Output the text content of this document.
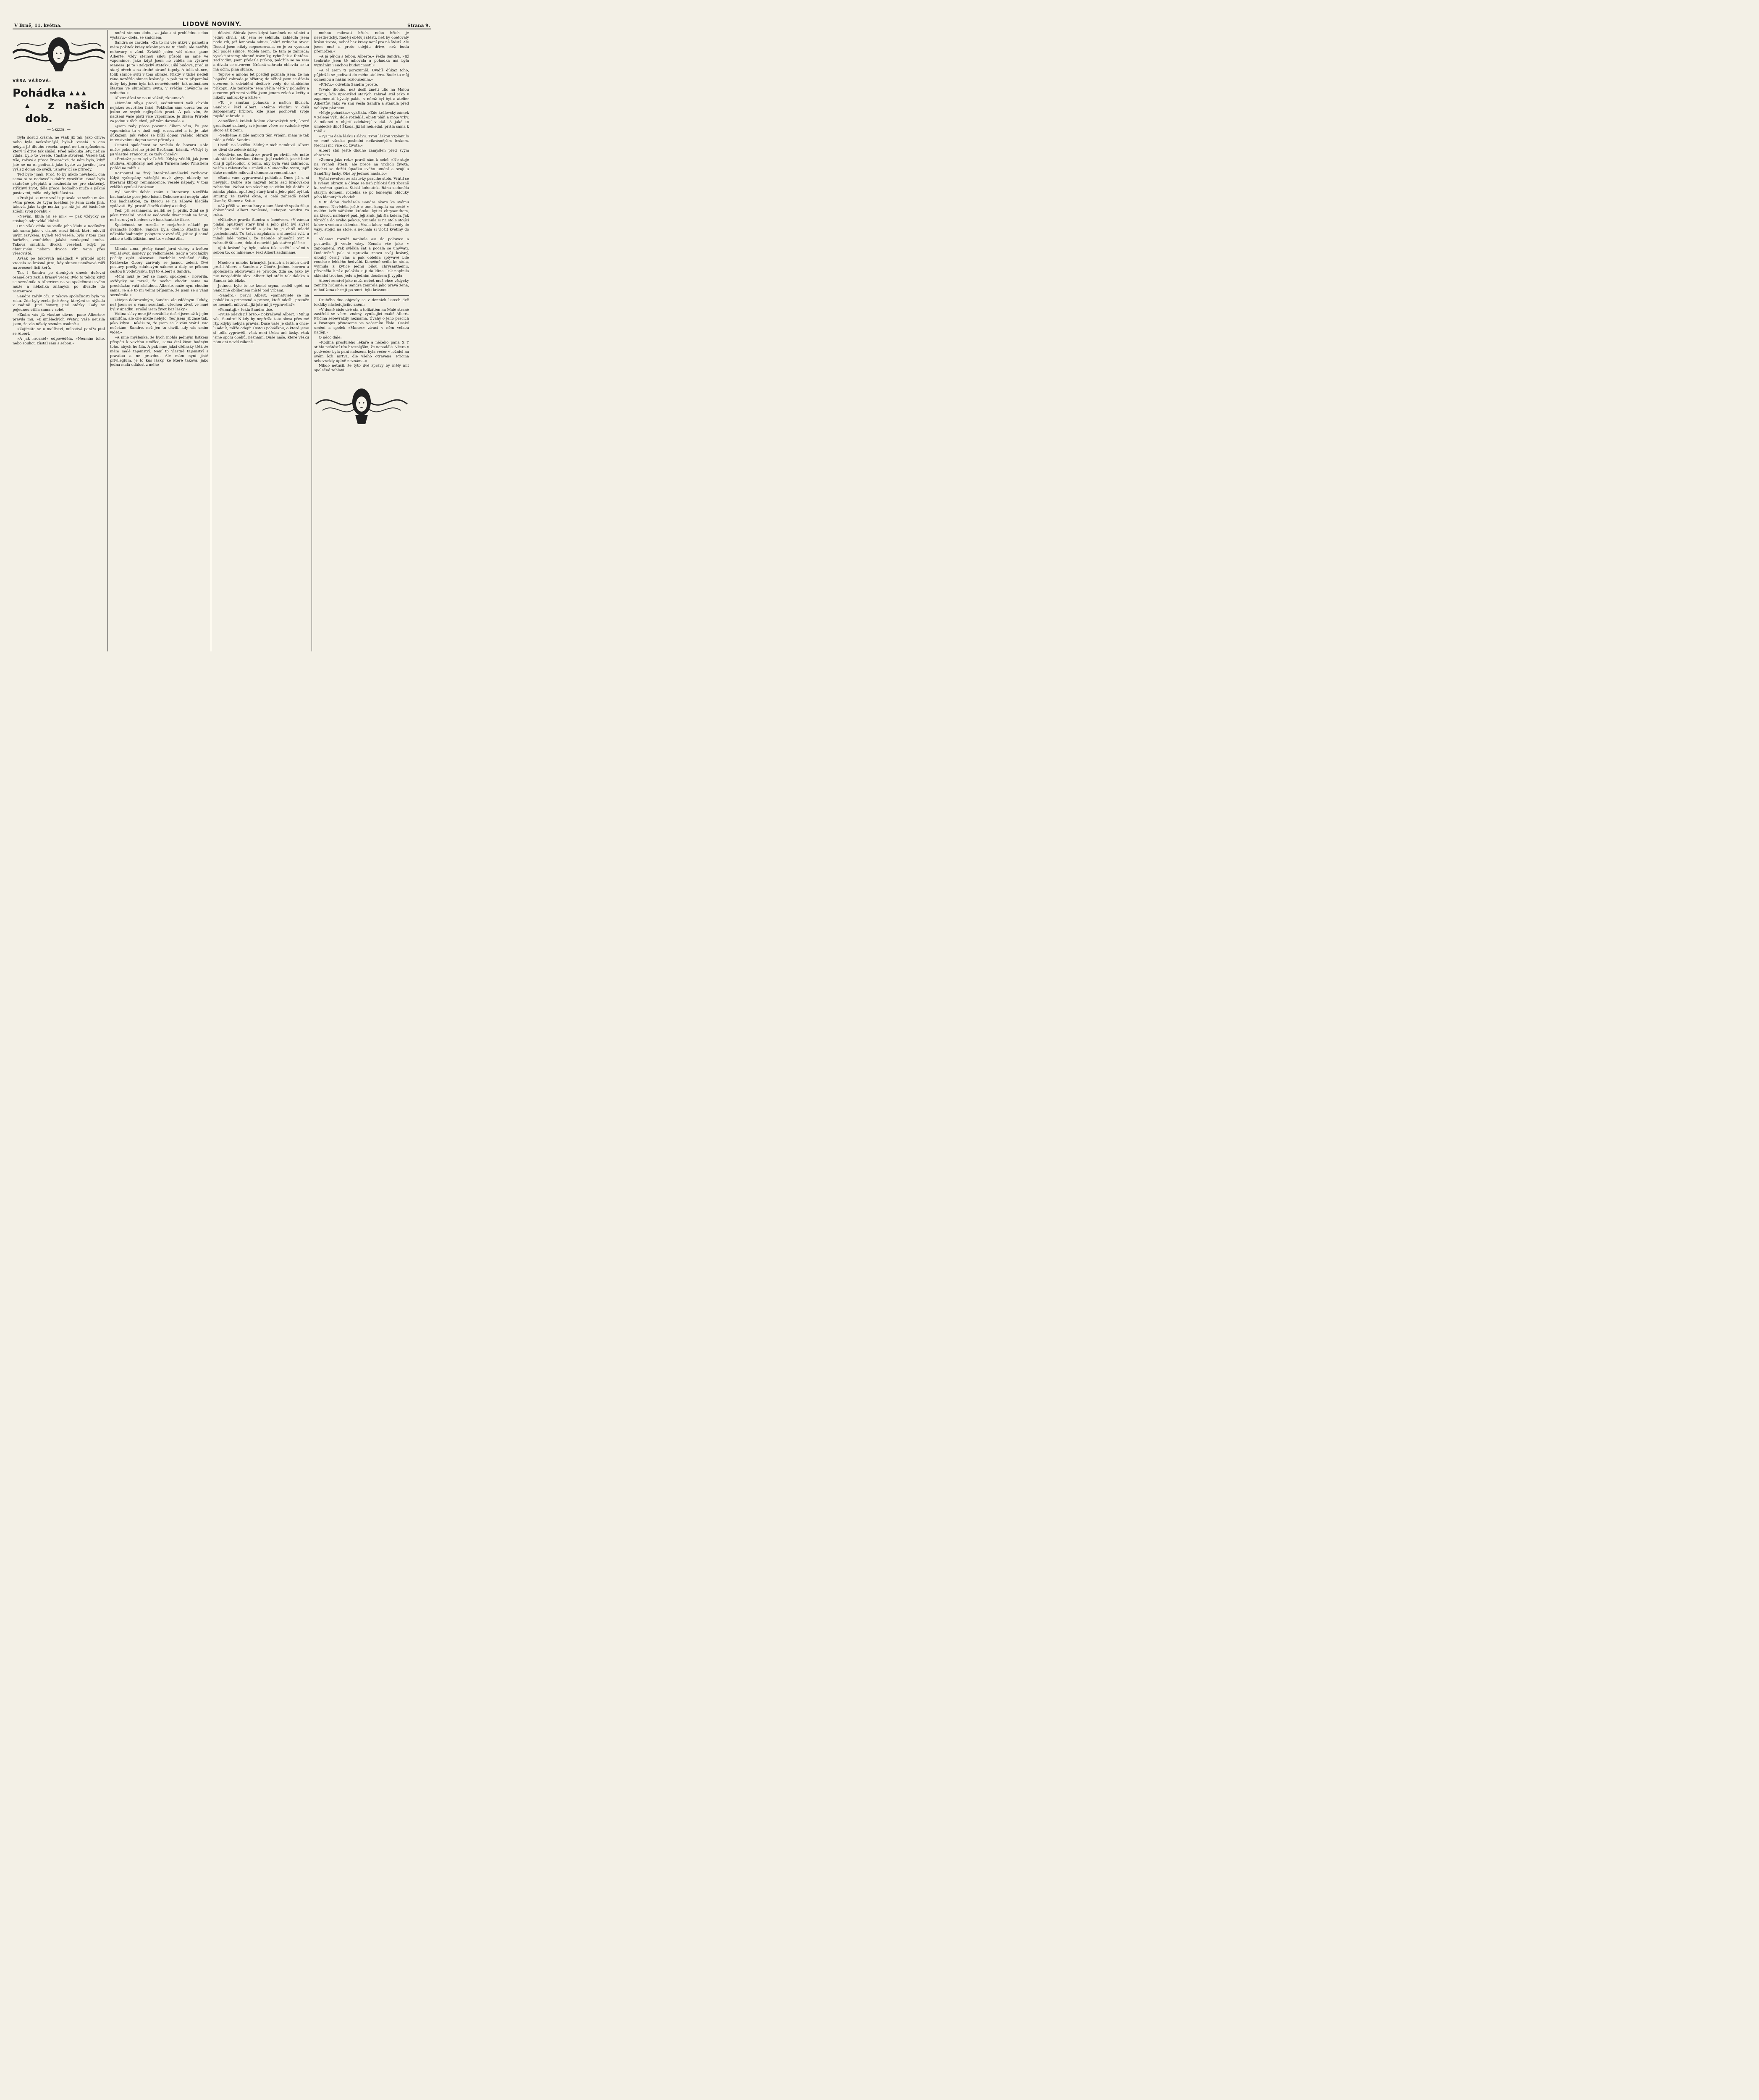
V Brně, 11. května.	LIDOVÉ NOVINY.	Strana 9.
VĚRA VÁŠOVÁ:
Pohádka ▲ ▲ ▲
▲ z našich dob.
— Skizza. —

Byla dosud krásná, ne však již tak, jako dříve; nebo byla neikrásnější, byla-li veselá. A ona nebyla již dlouho veselá, aspoň ne tím způsobem, který jí dříve tak slušel. Před několika lety, než se vdala, bylo to veselé, šťastné stvoření. Veselé tak tiše, zářivé a přece čtveračivé, že nám bylo, když jste se na ni podívali, jako byste za jarního jitra vyšli z domu do svěží, usmívající se přírody.

Teď bylo jinak. Proč, to by nikdo nevshodl, ona sama si to nedovedla dobře vysvětliti. Snad byla skutečně přepiatá a nezhodila se pro skutečný, střízlivý život, děla přece: hodného muže a pěkné postavení, měla tedy býti šťastna.

»Proč jsi se mne vzal?« ptávala se svého muže. »Vím přece, že tvým ideálem je žena zcela jiná, taková, jako tvoje matka, po níž jsi též částečně zdědil svoji povahu.«

»Nevím, libila jsi se mi,« — pak vždycky se stiskajíc odpovídal klidně.

Ona však cítila se vedle jeho klidu a nedůvěry tak sama jako v cizině, mezi lidmi, kteří mluvili jiným jazykem. Byla-li teď veselá, bylo v tom cosi hořkého, zoufalého, jakási neukojená touha. Taková smutná, divoká veselost, když po chmurném nebem divoce vítr vane přes vřesoviště.

Avšak po takových náladách v přírodě opět vracela se krásná jitra, kdy slunce usměvavě září na zrosené listí keřů.

Tak i Sandra po dlouhých dnech duševní osamělosti zažila krásný večer. Bylo to tehdy, když se seznámila s Albertem na ve společnosti svého muže a několika známých po divadle do restaurace.

Sandře zářily oči. V takové společnosti byla po roku. Zde byly zcela jiné ženy, kterými se stýkala v rodině. Jiné hovory, jiné otázky. Tady se pojednou cítila sama v sobě.

»Znám vás již vlastně dávno, pane Alberte,« pravila mu, »z uměleckých výstav. Vaše neusila jsem, že vás někdy seznám osobně.«

»Zajímáte se o malířství, milostivá paní?« ptal se Albert.

»A jak hrozně!« odpověděla. »Neumím toho, nebo soukou zůstal sám s sebou.«

nnění steinou dobu, za jakou si prohlédne celou výstavu,« dodal se smíchem.

Sandra se zarděla. »Za to mi vše utkví v paměti a mám požitek krásy nikoliv jen na tu chvíli, ale navždy nehovary s vámi. Zvláště jeden váš obraz, pane Alberte, vždy steinou silou působí na mne ve vzpomínce, jako když jsem ho viděla na výstavě Manesa. Je to »Belgický statek«. Bílá budova, před ní starý ořech a na druhé straně topoly. A tolik slunce, tolik slunce svítí v tom obraze. Nikdy v tiché neděli ráno nezářilo slunce krásněji. A pak mi to připomíná doby, kdy jsem byla tak neuvědomělé, tak animálnou šťastna ve slunečním svitu, v svěžím chvějícím se vzduchu.«

Albert díval se na ni vážně, zkoumavě.

»Nemám síly,« pravil, »odmítnouti vaši chválu nejakou zdvořilou frází. Poklídám sám obraz ten za jedno ze svých nejlepších prací. A pak vím, že nadšení vaše platí více vzpomínce, je díkem Přírodě za jednu z těch chvil, jež vám darovala.«

»Jsem tedy přece povinna díkem vám, že jste vzpomínku tu v duši mojí rozezvučel a to je také důkazem, jak velice se blíží dojem vašeho obrazu intensivnímu dojmu samé přírody.«

Ostatní společnost se vmísila do hovoru. »Ale mlč,« pokoušel ho přítel Brožman, básník. »Vždyť ty jsi vlastně Francouz, co tady chceš?«

»Protože jsem byl v Paříži. Kdyby věděli, jak jsem studoval Angličany, měl bych Turnera nebo Whistlera pořád na talíři.«

Rozpoutal se živý literárně-umělecký rozhovor. Když vyčerpány vážnější nové zjevy, obievily se literární klípky, reminiscence, veselé nápady. V tom zvláště vynikal Brožman.

Byl Sandře dobře znám z literatury. Nevěřila bachantské pose jeho básní. Dokonce ani nebyla také tou bachantkou, za kterou se na zábavě hleděla vydávati. Byl prostě člověk dobrý a citlivý.

Teď, při seznámení, nelibil se jí příliš. Zdál se jí jaksi trivialní. Snad se nedovede dívat jinak na ženu, než zoravým hledem své bacchantské fikce.

Společnost se rozešla v rozjařené náladě po dvanácté hodině. Sandra byla dlouho šťastna tím několikahodinným pobytem v ovzduší, jež se jí samé zdálo o tolik bližším, než to, v němž žila.

Minula zima, přešly časné jarní vichry a květen vyplál svou úsměvy po velkoměstě. Sady a procházky počaly opět oživovat. Rozlehlé vzdušné dálky Královské Obory zářívaly se jasnou zelení. Dvě postavy prošly »duhovým sálem« a daly se pěknou cestou k vodotrysku. Byl to Albert a Sandra.

»Mni muž je teď se mnou spokojen,« hovořila, »vždycky se mrzel, že nechci choditi sama na procházku; vaší zásluhou, Alberte, nuže nyní chodím sama. Je ale to mi velmi příjemné, že jsem se s vámi seznámila.«

»Nejen dobrovolným, Sandro, ale vděčným. Tehdy, než jsem se s vámi seznámil, všechen život ve mně byl v úpadku. Prošel jsem život bez lásky.«

Vidina slávy mne již nevábila; došel jsem až k jejím sumitům, ale cíle nikde nebylo. Teď jsem již zase tak, jako kdysi. Dokáži to, že jsem se k vám vrátil. Nic nečekám, Sandro, než jen tu chvíli, kdy vás smím vidět.«

»A mne myšlenka, že bych mohla jedniým listkem přispěti k vavřínu umělce, sama činí život hodným toho, abych ho žila. A pak mne jaksi dětinsky těší, že mám malé tajemství. Není to vlastně tajemství s pravdou a ne pravdou. Ale mám nyní jisté privilegium, je to kus lásky, ke které taková, jako jedna malá událost z mého

dětství. Sbírala jsem kdysi kamének na silnici a jednu chvíli, jak jsem se sehnula, zahlédla jsem pode zdí, jež lemovala silnici, kaluž vzduchu otvor. Dosud jsem nikdy nepozorovala, co je za vysokou zdí podél silnice. Viděla jsem, že tam je zahrada: vysoké stromy, slunné trávníky, rybníček a fontána. Teď vidím, jsem přelezla příkop, položila se na zem a dívala se otvorem. Krásná zahrada obievila se tu má očím, plná slunce.

Teprve o mnoho let později poznala jsem, že má báječná zahrada je hřbitov, do něhož jsem se dívala otvorem k odvádění dešťové vody do silničního příkopu. Ale tenkráte jsem věřila ještě v pohádky a otvorem při zemi viděla jsem jenom zeleň a květy a nikoliv náhrobky a kříže.«

»To je smutná pohádka o našich illusích, Sandro,« řekl Albert. »Máme všichni v duši zapomenutý hřbitov, kde jsme pochovali svoje rajské zahrade.«

Zamyšleně kráčeli kolem obrovských vrb, které graciézně sklánely své jemné větve ze vzdušné výše skoro až k zemi.

»Sedněme si zde naproti těm vrbám, mám je tak ráda,« řekla Sandra.

Usedli na lavičku. Žádný z nich nemluvil. Albert se díval do zelené dálky.

»Nedivím se, Sandro,« pravil po chvíli, »že máte tak ráda Královskou Oboru. Její rozlehlé, jasné linie činí ji způsobilou k tomu, aby byla vaší zahradou, vaším Královstvím Úsměvů a Slunečního Svitu, jejíž duše nemůže milovati chmurnou romantiku.«

»Budu vám vypravovati pohádku. Dnes již z ní nevyjdu. Dobře jste nazvali tento sad královskou zahradou. Nebot ten všechny se cítím být dobře. V zámku plakal opuštěný starý král a jeho pláč byl tak smutný, že zavřel okna, a celé zahradě nebyl Úsměv, Slunce a Svit.«

»Až přišli za mnou hory a tam šťastně spolu žili,« dokončoval Albert zaníceně, uchopiv Sandru za ruku.

»Nikoliv,« pravila Sandra s úsměvem. »V zámku plakal opuštěný starý král a jeho pláč byl slyšet ještě po celé zahradě a jako by je chtěl mladé poslechnouti. Tu tráva zaplakala a sluneční svit, a mladí lidé poznali, že nebude Sluneční Svit v zahradě šťasten, dokud neuvidí, jak stařec pláče.«

»Jak krásné by bylo, takto tiše sedětí s vámi s sebou to, co mineme,« řekl Albert zadumaně.

Mnoho a mnoho krásných jarních a letních chvil prožil Albert s Sandrou v Oboře. Jednou hovoru a společném obdivování se přírodě. Zdá se, jako by nic nevyjádřilo slov. Albert byl stále tak daleko a Sandra tak blízko.

Jednou, bylo to ke konci srpna, seděli opět na Sandřině oblíbeném místě pod vrbami.

»Sandro,« pravil Albert, »pamatujete se na pohádku o princezně a prince, kteří odešli, protože se nesměli milovati, již jste mi ji vypravěla?«

»Pamatuji,« řekla Sandra tiše.

»Nuže odejdi již brzo,« pokračoval Albert. »Miluji vás, Sandro! Nikdy by nepřešla tato slova přes mé rty, kdyby nebyla pravda. Duše vaše je čistá, a chce-li odejít, může odejít. Čistou pohádkou, o které jsme si tolik vyprávěli, však není třeba ani lásky, však jsme spolu obéhů, neznámí. Duše naše, které věsku nám ani nevčí zákoně.

mohou milovati hřích, nebo hřích je neesthetický. Raději obětuji štěstí, než by obětovaly krásu života, neboť bez krásy není pro ně štěstí. Ale jsem muž a proto odejdu dříve, než budu přemožen.«

»A já půjdu s tebou, Alberte,« řekla Sandra. »Již tenkráte jsem tě milovala a pohádka má byla vyznáním i suchou budoucností.«

»A já jsem ti porozuměl. Uvidíš důkaz toho, půjdeš-li se podívati do mého ateliéru. Bude to můj odměnou a naším rozloučením.«

»Přiďu,« odvětila Sandra prostě.

Trvalo dlouho, než došli změtí ulic na Malou stranu, kde uprostřed starých zahrad stál jako v zapomenutí bývalý palác, v němž byl byt a atelier Albertův. Jako ve snu vešla Sandra a stanula před velikým plátnem.

»Moje pohádka,« vykřikla. »Zde královský zámek v zelené výši, dole rozlehlá, obietí pláň a moje vrby. A milenci v objetí odcházejí v dál. A jaké to umělecké dílo! Škoda, jíž isi nehledal, přišla sama k tobě.«

»Tys mi dala lásku i slávu. Tvou láskou vzplanulo ve mně všecko poslední neikrásnějším leskem. Nechci nic více od života.«

Albert stál ještě dlouho zamyšlen před svým obrazem.

»Zemru jako rek,« pravil sám k sobě. »Ne stoje na vrcholi štěstí, ale přece na vrcholi života. Nechci se dožíti úpadku svého umění a svojí a Sandřiny lásky. Obé by jednou nastalo.«

Vyňal revolver ze zásuvky psacího stolu. Vrátil se k svému obrazu a dívaje se naň přiložil ústí zbraně ku svému spánku. Stiskl kohoutek. Rána zaduněla starým domem, rozlehla se po lomeným oblouky jeho klenutých chodeb.

V tu dobu docházela Sandra skoro ke svému domovu. Nevěděla ještě o tom, koupila na cestě v malém květinářském krámku kytici chrysanthem, na kterou naléhavě padl její zrak, jak šla kolem. Jak vkročila do svého pokoje, vsunula si na stole stojící lahev s vodou a sklenice. Vzala lahev, nalila vody do vázy, stojící na stole, a nechala si vložit květiny do ní.

Sklenici rovněž naplnila asi do polovice a postavila ji vedle vázy. Konala vše jako v zapomnění. Pak svlékla šat a počala se umývati. Dodatečně pak si upravila znovu svůj krásný, dlouhý černý vlas a pak oblékla splývavé bílé roucho z lehkého hedvábí. Konečně sedla ke stolu, vyjmula z kytice jednu bílou chrysanthemu, přivoněla k ní a položila si ji do klína. Pak naplnila sklenici trochou jedu a jedním douškem ji vypila.

Albert zemřel jako muž, nebot muž chce vždycky zemříti hrdinně; a Sandra zemřela jako pravá žena, neboť žena chce ji po smrti býti krásnou.

Druhého dne objevily se v denních listech dvě lokálky následujícího znění:

»V domě číslo dvě sta a tolikátém na Malé straně zastřelil se včera známý, vynikající malíř Albert. Příčina sebevraždy neznáma. Úvahy o jeho pracích a životopis přineseme ve večerním čísle. České umění a spolek »Manes« ztrácí v něm velkou naději.«

O něco dále:

»Rodina proslulého lékaře a něčeho pana X Y stihlo neštěstí tím hroznějším, že nenadálé. Včera v podvečer byla paní nalezena byla večer v ložnici na svém loži mrtva, dle všeho otrávena. Příčina sebevraždy úplně neznáma.«

Nikdo netušil, že tyto dvě zprávy by měly mít společné zahlaví.
